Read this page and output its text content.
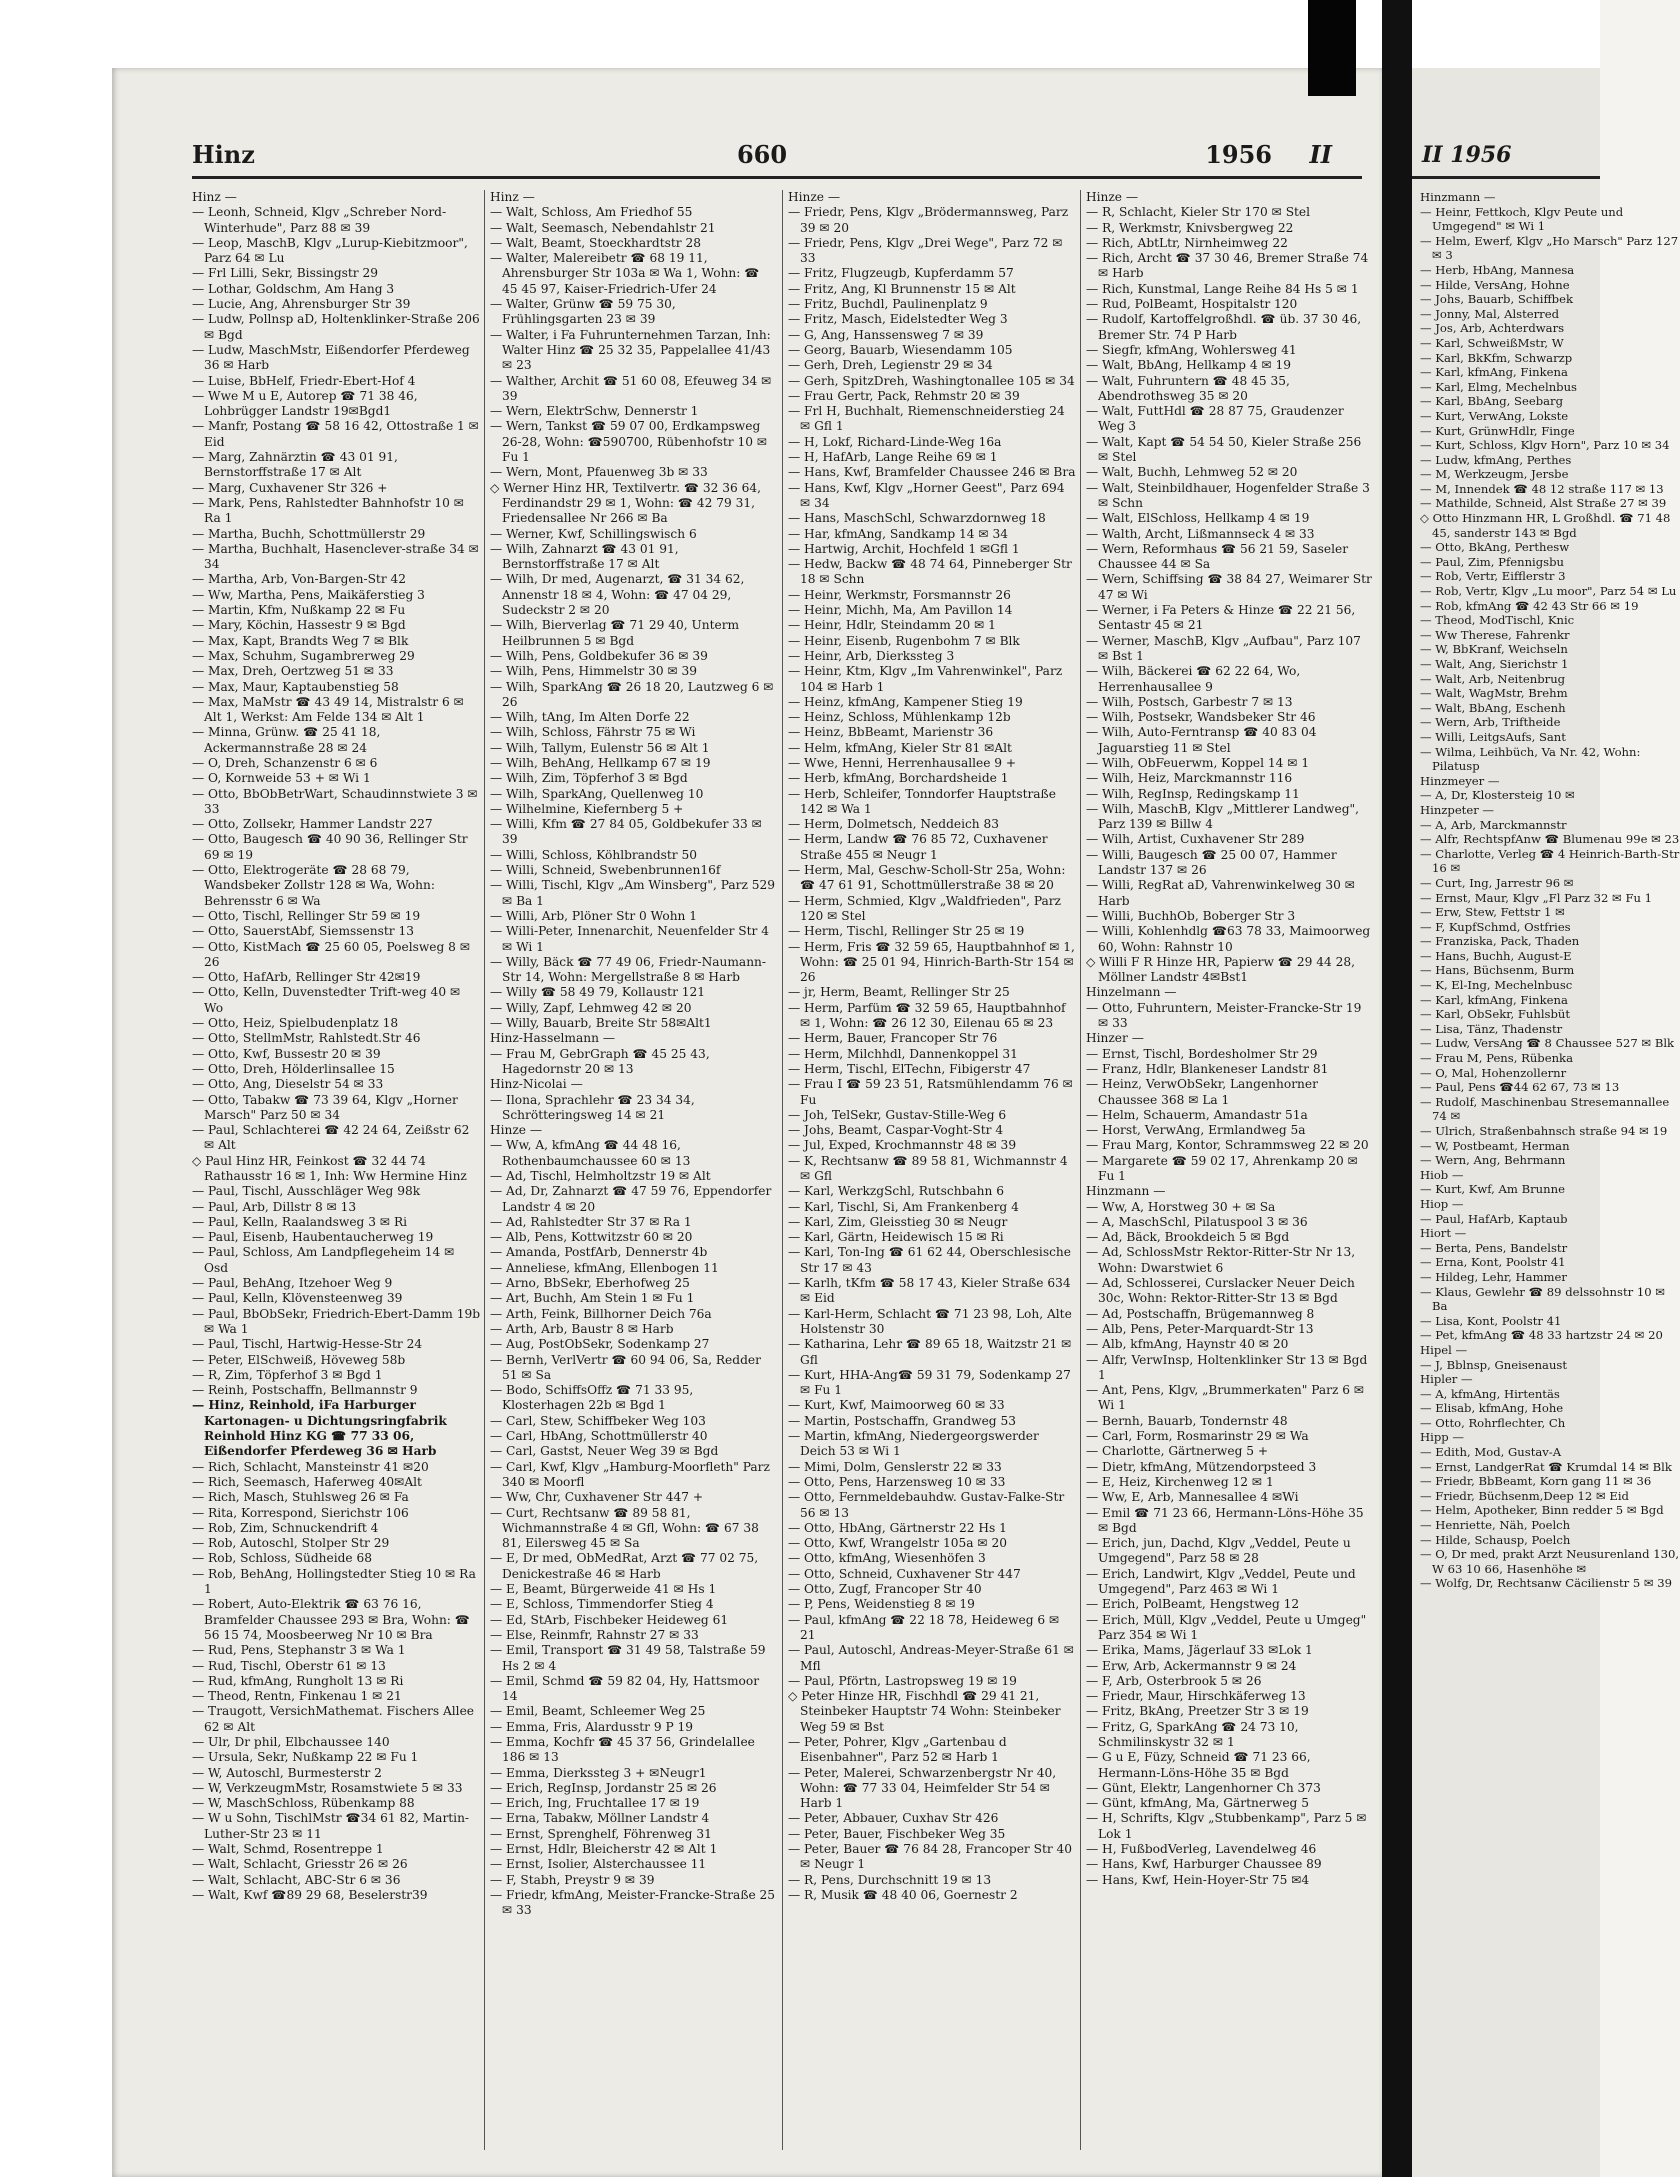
Hinz	660	1956 II
Hinz —
— Leonh, Schneid, Klgv „Schreber Nord-Winterhude", Parz 88 ✉ 39
— Leop, MaschB, Klgv „Lurup-Kiebitzmoor", Parz 64 ✉ Lu
— Frl Lilli, Sekr, Bissingstr 29
— Lothar, Goldschm, Am Hang 3
— Lucie, Ang, Ahrensburger Str 39
— Ludw, Pollnsp aD, Holtenklinker-Straße 206 ✉ Bgd
— Ludw, MaschMstr, Eißendorfer Pferdeweg 36 ✉ Harb
— Luise, BbHelf, Friedr-Ebert-Hof 4
— Wwe M u E, Autorep ☎ 71 38 46, Lohbrügger Landstr 19✉Bgd1
— Manfr, Postang ☎ 58 16 42, Ottostraße 1 ✉ Eid
— Marg, Zahnärztin ☎ 43 01 91, Bernstorffstraße 17 ✉ Alt
— Marg, Cuxhavener Str 326 +
— Mark, Pens, Rahlstedter Bahnhofstr 10 ✉ Ra 1
— Martha, Buchh, Schottmüllerstr 29
— Martha, Buchhalt, Hasenclever-straße 34 ✉ 34
— Martha, Arb, Von-Bargen-Str 42
— Ww, Martha, Pens, Maikäferstieg 3
— Martin, Kfm, Nußkamp 22 ✉ Fu
— Mary, Köchin, Hassestr 9 ✉ Bgd
— Max, Kapt, Brandts Weg 7 ✉ Blk
— Max, Schuhm, Sugambrerweg 29
— Max, Dreh, Oertzweg 51 ✉ 33
— Max, Maur, Kaptaubenstieg 58
— Max, MaMstr ☎ 43 49 14, Mistralstr 6 ✉ Alt 1, Werkst: Am Felde 134 ✉ Alt 1
— Minna, Grünw. ☎ 25 41 18, Ackermannstraße 28 ✉ 24
— O, Dreh, Schanzenstr 6 ✉ 6
— O, Kornweide 53 + ✉ Wi 1
— Otto, BbObBetrWart, Schaudinnstwiete 3 ✉ 33
— Otto, Zollsekr, Hammer Landstr 227
— Otto, Baugesch ☎ 40 90 36, Rellinger Str 69 ✉ 19
— Otto, Elektrogeräte ☎ 28 68 79, Wandsbeker Zollstr 128 ✉ Wa, Wohn: Behrensstr 6 ✉ Wa
— Otto, Tischl, Rellinger Str 59 ✉ 19
— Otto, SauerstAbf, Siemssenstr 13
— Otto, KistMach ☎ 25 60 05, Poelsweg 8 ✉ 26
— Otto, HafArb, Rellinger Str 42✉19
— Otto, Kelln, Duvenstedter Trift-weg 40 ✉ Wo
— Otto, Heiz, Spielbudenplatz 18
— Otto, StellmMstr, Rahlstedt.Str 46
— Otto, Kwf, Bussestr 20 ✉ 39
— Otto, Dreh, Hölderlinsallee 15
— Otto, Ang, Dieselstr 54 ✉ 33
— Otto, Tabakw ☎ 73 39 64, Klgv „Horner Marsch" Parz 50 ✉ 34
— Paul, Schlachterei ☎ 42 24 64, Zeißstr 62 ✉ Alt
◇ Paul Hinz HR, Feinkost ☎ 32 44 74 Rathausstr 16 ✉ 1, Inh: Ww Hermine Hinz
— Paul, Tischl, Ausschläger Weg 98k
— Paul, Arb, Dillstr 8 ✉ 13
— Paul, Kelln, Raalandsweg 3 ✉ Ri
— Paul, Eisenb, Haubentaucherweg 19
— Paul, Schloss, Am Landpflegeheim 14 ✉ Osd
— Paul, BehAng, Itzehoer Weg 9
— Paul, Kelln, Klövensteenweg 39
— Paul, BbObSekr, Friedrich-Ebert-Damm 19b ✉ Wa 1
— Paul, Tischl, Hartwig-Hesse-Str 24
— Peter, ElSchweiß, Höveweg 58b
— R, Zim, Töpferhof 3 ✉ Bgd 1
— Reinh, Postschaffn, Bellmannstr 9
— Hinz, Reinhold, iFa Harburger Kartonagen- u Dichtungsringfabrik Reinhold Hinz KG ☎ 77 33 06, Eißendorfer Pferdeweg 36 ✉ Harb
— Rich, Schlacht, Mansteinstr 41 ✉20
— Rich, Seemasch, Haferweg 40✉Alt
— Rich, Masch, Stuhlsweg 26 ✉ Fa
— Rita, Korrespond, Sierichstr 106
— Rob, Zim, Schnuckendrift 4
— Rob, Autoschl, Stolper Str 29
— Rob, Schloss, Südheide 68
— Rob, BehAng, Hollingstedter Stieg 10 ✉ Ra 1
— Robert, Auto-Elektrik ☎ 63 76 16, Bramfelder Chaussee 293 ✉ Bra, Wohn: ☎ 56 15 74, Moosbeerweg Nr 10 ✉ Bra
— Rud, Pens, Stephanstr 3 ✉ Wa 1
— Rud, Tischl, Oberstr 61 ✉ 13
— Rud, kfmAng, Rungholt 13 ✉ Ri
— Theod, Rentn, Finkenau 1 ✉ 21
— Traugott, VersichMathemat. Fischers Allee 62 ✉ Alt
— Ulr, Dr phil, Elbchaussee 140
— Ursula, Sekr, Nußkamp 22 ✉ Fu 1
— W, Autoschl, Burmesterstr 2
— W, VerkzeugmMstr, Rosamstwiete 5 ✉ 33
— W, MaschSchloss, Rübenkamp 88
— W u Sohn, TischlMstr ☎34 61 82, Martin-Luther-Str 23 ✉ 11
— Walt, Schmd, Rosentreppe 1
— Walt, Schlacht, Griesstr 26 ✉ 26
— Walt, Schlacht, ABC-Str 6 ✉ 36
— Walt, Kwf ☎89 29 68, Beselerstr39
Hinz —
— Walt, Schloss, Am Friedhof 55
— Walt, Seemasch, Nebendahlstr 21
— Walt, Beamt, Stoeckhardtstr 28
— Walter, Malereibetr ☎ 68 19 11, Ahrensburger Str 103a ✉ Wa 1, Wohn: ☎ 45 45 97, Kaiser-Friedrich-Ufer 24
— Walter, Grünw ☎ 59 75 30, Frühlingsgarten 23 ✉ 39
— Walter, i Fa Fuhrunternehmen Tarzan, Inh: Walter Hinz ☎ 25 32 35, Pappelallee 41/43 ✉ 23
— Walther, Archit ☎ 51 60 08, Efeuweg 34 ✉ 39
— Wern, ElektrSchw, Dennerstr 1
— Wern, Tankst ☎ 59 07 00, Erdkampsweg 26-28, Wohn: ☎590700, Rübenhofstr 10 ✉ Fu 1
— Wern, Mont, Pfauenweg 3b ✉ 33
◇ Werner Hinz HR, Textilvertr. ☎ 32 36 64, Ferdinandstr 29 ✉ 1, Wohn: ☎ 42 79 31, Friedensallee Nr 266 ✉ Ba
— Werner, Kwf, Schillingswisch 6
— Wilh, Zahnarzt ☎ 43 01 91, Bernstorffstraße 17 ✉ Alt
— Wilh, Dr med, Augenarzt, ☎ 31 34 62, Annenstr 18 ✉ 4, Wohn: ☎ 47 04 29, Sudeckstr 2 ✉ 20
— Wilh, Bierverlag ☎ 71 29 40, Unterm Heilbrunnen 5 ✉ Bgd
— Wilh, Pens, Goldbekufer 36 ✉ 39
— Wilh, Pens, Himmelstr 30 ✉ 39
— Wilh, SparkAng ☎ 26 18 20, Lautzweg 6 ✉ 26
— Wilh, tAng, Im Alten Dorfe 22
— Wilh, Schloss, Fährstr 75 ✉ Wi
— Wilh, Tallym, Eulenstr 56 ✉ Alt 1
— Wilh, BehAng, Hellkamp 67 ✉ 19
— Wilh, Zim, Töpferhof 3 ✉ Bgd
— Wilh, SparkAng, Quellenweg 10
— Wilhelmine, Kiefernberg 5 +
— Willi, Kfm ☎ 27 84 05, Goldbekufer 33 ✉ 39
— Willi, Schloss, Köhlbrandstr 50
— Willi, Schneid, Swebenbrunnen16f
— Willi, Tischl, Klgv „Am Winsberg", Parz 529 ✉ Ba 1
— Willi, Arb, Plöner Str 0 Wohn 1
— Willi-Peter, Innenarchit, Neuenfelder Str 4 ✉ Wi 1
— Willy, Bäck ☎ 77 49 06, Friedr-Naumann-Str 14, Wohn: Mergellstraße 8 ✉ Harb
— Willy ☎ 58 49 79, Kollaustr 121
— Willy, Zapf, Lehmweg 42 ✉ 20
— Willy, Bauarb, Breite Str 58✉Alt1
Hinz-Hasselmann —
— Frau M, GebrGraph ☎ 45 25 43, Hagedornstr 20 ✉ 13
Hinz-Nicolai —
— Ilona, Sprachlehr ☎ 23 34 34, Schrötteringsweg 14 ✉ 21
Hinze —
— Ww, A, kfmAng ☎ 44 48 16, Rothenbaumchaussee 60 ✉ 13
— Ad, Tischl, Helmholtzstr 19 ✉ Alt
— Ad, Dr, Zahnarzt ☎ 47 59 76, Eppendorfer Landstr 4 ✉ 20
— Ad, Rahlstedter Str 37 ✉ Ra 1
— Alb, Pens, Kottwitzstr 60 ✉ 20
— Amanda, PostfArb, Dennerstr 4b
— Anneliese, kfmAng, Ellenbogen 11
— Arno, BbSekr, Eberhofweg 25
— Art, Buchh, Am Stein 1 ✉ Fu 1
— Arth, Feink, Billhorner Deich 76a
— Arth, Arb, Baustr 8 ✉ Harb
— Aug, PostObSekr, Sodenkamp 27
— Bernh, VerlVertr ☎ 60 94 06, Sa, Redder 51 ✉ Sa
— Bodo, SchiffsOffz ☎ 71 33 95, Klosterhagen 22b ✉ Bgd 1
— Carl, Stew, Schiffbeker Weg 103
— Carl, HbAng, Schottmüllerstr 40
— Carl, Gastst, Neuer Weg 39 ✉ Bgd
— Carl, Kwf, Klgv „Hamburg-Moorfleth" Parz 340 ✉ Moorfl
— Ww, Chr, Cuxhavener Str 447 +
— Curt, Rechtsanw ☎ 89 58 81, Wichmannstraße 4 ✉ Gfl, Wohn: ☎ 67 38 81, Eilersweg 45 ✉ Sa
— E, Dr med, ObMedRat, Arzt ☎ 77 02 75, Denickestraße 46 ✉ Harb
— E, Beamt, Bürgerweide 41 ✉ Hs 1
— E, Schloss, Timmendorfer Stieg 4
— Ed, StArb, Fischbeker Heideweg 61
— Else, Reinmfr, Rahnstr 27 ✉ 33
— Emil, Transport ☎ 31 49 58, Talstraße 59 Hs 2 ✉ 4
— Emil, Schmd ☎ 59 82 04, Hy, Hattsmoor 14
— Emil, Beamt, Schleemer Weg 25
— Emma, Fris, Alardusstr 9 P 19
— Emma, Kochfr ☎ 45 37 56, Grindelallee 186 ✉ 13
— Emma, Dierkssteg 3 + ✉Neugr1
— Erich, RegInsp, Jordanstr 25 ✉ 26
— Erich, Ing, Fruchtallee 17 ✉ 19
— Erna, Tabakw, Möllner Landstr 4
— Ernst, Sprenghelf, Föhrenweg 31
— Ernst, Hdlr, Bleicherstr 42 ✉ Alt 1
— Ernst, Isolier, Alsterchaussee 11
— F, Stabh, Preystr 9 ✉ 39
— Friedr, kfmAng, Meister-Francke-Straße 25 ✉ 33
Hinze —
— Friedr, Pens, Klgv „Brödermannsweg, Parz 39 ✉ 20
— Friedr, Pens, Klgv „Drei Wege", Parz 72 ✉ 33
— Fritz, Flugzeugb, Kupferdamm 57
— Fritz, Ang, Kl Brunnenstr 15 ✉ Alt
— Fritz, Buchdl, Paulinenplatz 9
— Fritz, Masch, Eidelstedter Weg 3
— G, Ang, Hanssensweg 7 ✉ 39
— Georg, Bauarb, Wiesendamm 105
— Gerh, Dreh, Legienstr 29 ✉ 34
— Gerh, SpitzDreh, Washingtonallee 105 ✉ 34
— Frau Gertr, Pack, Rehmstr 20 ✉ 39
— Frl H, Buchhalt, Riemenschneiderstieg 24 ✉ Gfl 1
— H, Lokf, Richard-Linde-Weg 16a
— H, HafArb, Lange Reihe 69 ✉ 1
— Hans, Kwf, Bramfelder Chaussee 246 ✉ Bra
— Hans, Kwf, Klgv „Horner Geest", Parz 694 ✉ 34
— Hans, MaschSchl, Schwarzdornweg 18
— Har, kfmAng, Sandkamp 14 ✉ 34
— Hartwig, Archit, Hochfeld 1 ✉Gfl 1
— Hedw, Backw ☎ 48 74 64, Pinneberger Str 18 ✉ Schn
— Heinr, Werkmstr, Forsmannstr 26
— Heinr, Michh, Ma, Am Pavillon 14
— Heinr, Hdlr, Steindamm 20 ✉ 1
— Heinr, Eisenb, Rugenbohm 7 ✉ Blk
— Heinr, Arb, Dierkssteg 3
— Heinr, Ktm, Klgv „Im Vahrenwinkel", Parz 104 ✉ Harb 1
— Heinz, kfmAng, Kampener Stieg 19
— Heinz, Schloss, Mühlenkamp 12b
— Heinz, BbBeamt, Marienstr 36
— Helm, kfmAng, Kieler Str 81 ✉Alt
— Wwe, Henni, Herrenhausallee 9 +
— Herb, kfmAng, Borchardsheide 1
— Herb, Schleifer, Tonndorfer Hauptstraße 142 ✉ Wa 1
— Herm, Dolmetsch, Neddeich 83
— Herm, Landw ☎ 76 85 72, Cuxhavener Straße 455 ✉ Neugr 1
— Herm, Mal, Geschw-Scholl-Str 25a, Wohn: ☎ 47 61 91, Schottmüllerstraße 38 ✉ 20
— Herm, Schmied, Klgv „Waldfrieden", Parz 120 ✉ Stel
— Herm, Tischl, Rellinger Str 25 ✉ 19
— Herm, Fris ☎ 32 59 65, Hauptbahnhof ✉ 1, Wohn: ☎ 25 01 94, Hinrich-Barth-Str 154 ✉ 26
— jr, Herm, Beamt, Rellinger Str 25
— Herm, Parfüm ☎ 32 59 65, Hauptbahnhof ✉ 1, Wohn: ☎ 26 12 30, Eilenau 65 ✉ 23
— Herm, Bauer, Francoper Str 76
— Herm, Milchhdl, Dannenkoppel 31
— Herm, Tischl, ElTechn, Fibigerstr 47
— Frau I ☎ 59 23 51, Ratsmühlendamm 76 ✉ Fu
— Joh, TelSekr, Gustav-Stille-Weg 6
— Johs, Beamt, Caspar-Voght-Str 4
— Jul, Exped, Krochmannstr 48 ✉ 39
— K, Rechtsanw ☎ 89 58 81, Wichmannstr 4 ✉ Gfl
— Karl, WerkzgSchl, Rutschbahn 6
— Karl, Tischl, Si, Am Frankenberg 4
— Karl, Zim, Gleisstieg 30 ✉ Neugr
— Karl, Gärtn, Heidewisch 15 ✉ Ri
— Karl, Ton-Ing ☎ 61 62 44, Oberschlesische Str 17 ✉ 43
— Karlh, tKfm ☎ 58 17 43, Kieler Straße 634 ✉ Eid
— Karl-Herm, Schlacht ☎ 71 23 98, Loh, Alte Holstenstr 30
— Katharina, Lehr ☎ 89 65 18, Waitzstr 21 ✉ Gfl
— Kurt, HHA-Ang☎ 59 31 79, Sodenkamp 27 ✉ Fu 1
— Kurt, Kwf, Maimoorweg 60 ✉ 33
— Martin, Postschaffn, Grandweg 53
— Martin, kfmAng, Niedergeorgswerder Deich 53 ✉ Wi 1
— Mimi, Dolm, Genslerstr 22 ✉ 33
— Otto, Pens, Harzensweg 10 ✉ 33
— Otto, Fernmeldebauhdw. Gustav-Falke-Str 56 ✉ 13
— Otto, HbAng, Gärtnerstr 22 Hs 1
— Otto, Kwf, Wrangelstr 105a ✉ 20
— Otto, kfmAng, Wiesenhöfen 3
— Otto, Schneid, Cuxhavener Str 447
— Otto, Zugf, Francoper Str 40
— P, Pens, Weidenstieg 8 ✉ 19
— Paul, kfmAng ☎ 22 18 78, Heideweg 6 ✉ 21
— Paul, Autoschl, Andreas-Meyer-Straße 61 ✉ Mfl
— Paul, Pförtn, Lastropsweg 19 ✉ 19
◇ Peter Hinze HR, Fischhdl ☎ 29 41 21, Steinbeker Hauptstr 74 Wohn: Steinbeker Weg 59 ✉ Bst
— Peter, Pohrer, Klgv „Gartenbau d Eisenbahner", Parz 52 ✉ Harb 1
— Peter, Malerei, Schwarzenbergstr Nr 40, Wohn: ☎ 77 33 04, Heimfelder Str 54 ✉ Harb 1
— Peter, Abbauer, Cuxhav Str 426
— Peter, Bauer, Fischbeker Weg 35
— Peter, Bauer ☎ 76 84 28, Francoper Str 40 ✉ Neugr 1
— R, Pens, Durchschnitt 19 ✉ 13
— R, Musik ☎ 48 40 06, Goernestr 2
Hinze —
— R, Schlacht, Kieler Str 170 ✉ Stel
— R, Werkmstr, Knivsbergweg 22
— Rich, AbtLtr, Nirnheimweg 22
— Rich, Archt ☎ 37 30 46, Bremer Straße 74 ✉ Harb
— Rich, Kunstmal, Lange Reihe 84 Hs 5 ✉ 1
— Rud, PolBeamt, Hospitalstr 120
— Rudolf, Kartoffelgroßhdl. ☎ üb. 37 30 46, Bremer Str. 74 P Harb
— Siegfr, kfmAng, Wohlersweg 41
— Walt, BbAng, Hellkamp 4 ✉ 19
— Walt, Fuhruntern ☎ 48 45 35, Abendrothsweg 35 ✉ 20
— Walt, FuttHdl ☎ 28 87 75, Graudenzer Weg 3
— Walt, Kapt ☎ 54 54 50, Kieler Straße 256 ✉ Stel
— Walt, Buchh, Lehmweg 52 ✉ 20
— Walt, Steinbildhauer, Hogenfelder Straße 3 ✉ Schn
— Walt, ElSchloss, Hellkamp 4 ✉ 19
— Walth, Archt, Lißmannseck 4 ✉ 33
— Wern, Reformhaus ☎ 56 21 59, Saseler Chaussee 44 ✉ Sa
— Wern, Schiffsing ☎ 38 84 27, Weimarer Str 47 ✉ Wi
— Werner, i Fa Peters & Hinze ☎ 22 21 56, Sentastr 45 ✉ 21
— Werner, MaschB, Klgv „Aufbau", Parz 107 ✉ Bst 1
— Wilh, Bäckerei ☎ 62 22 64, Wo, Herrenhausallee 9
— Wilh, Postsch, Garbestr 7 ✉ 13
— Wilh, Postsekr, Wandsbeker Str 46
— Wilh, Auto-Ferntransp ☎ 40 83 04 Jaguarstieg 11 ✉ Stel
— Wilh, ObFeuerwm, Koppel 14 ✉ 1
— Wilh, Heiz, Marckmannstr 116
— Wilh, RegInsp, Redingskamp 11
— Wilh, MaschB, Klgv „Mittlerer Landweg", Parz 139 ✉ Billw 4
— Wilh, Artist, Cuxhavener Str 289
— Willi, Baugesch ☎ 25 00 07, Hammer Landstr 137 ✉ 26
— Willi, RegRat aD, Vahrenwinkelweg 30 ✉ Harb
— Willi, BuchhOb, Boberger Str 3
— Willi, Kohlenhdlg ☎63 78 33, Maimoorweg 60, Wohn: Rahnstr 10
◇ Willi F R Hinze HR, Papierw ☎ 29 44 28, Möllner Landstr 4✉Bst1
Hinzelmann —
— Otto, Fuhruntern, Meister-Francke-Str 19 ✉ 33
Hinzer —
— Ernst, Tischl, Bordesholmer Str 29
— Franz, Hdlr, Blankeneser Landstr 81
— Heinz, VerwObSekr, Langenhorner Chaussee 368 ✉ La 1
— Helm, Schauerm, Amandastr 51a
— Horst, VerwAng, Ermlandweg 5a
— Frau Marg, Kontor, Schrammsweg 22 ✉ 20
— Margarete ☎ 59 02 17, Ahrenkamp 20 ✉ Fu 1
Hinzmann —
— Ww, A, Horstweg 30 + ✉ Sa
— A, MaschSchl, Pilatuspool 3 ✉ 36
— Ad, Bäck, Brookdeich 5 ✉ Bgd
— Ad, SchlossMstr Rektor-Ritter-Str Nr 13, Wohn: Dwarstwiet 6
— Ad, Schlosserei, Curslacker Neuer Deich 30c, Wohn: Rektor-Ritter-Str 13 ✉ Bgd
— Ad, Postschaffn, Brügemannweg 8
— Alb, Pens, Peter-Marquardt-Str 13
— Alb, kfmAng, Haynstr 40 ✉ 20
— Alfr, VerwInsp, Holtenklinker Str 13 ✉ Bgd 1
— Ant, Pens, Klgv, „Brummerkaten" Parz 6 ✉ Wi 1
— Bernh, Bauarb, Tondernstr 48
— Carl, Form, Rosmarinstr 29 ✉ Wa
— Charlotte, Gärtnerweg 5 +
— Dietr, kfmAng, Mützendorpsteed 3
— E, Heiz, Kirchenweg 12 ✉ 1
— Ww, E, Arb, Mannesallee 4 ✉Wi
— Emil ☎ 71 23 66, Hermann-Löns-Höhe 35 ✉ Bgd
— Erich, jun, Dachd, Klgv „Veddel, Peute u Umgegend", Parz 58 ✉ 28
— Erich, Landwirt, Klgv „Veddel, Peute und Umgegend", Parz 463 ✉ Wi 1
— Erich, PolBeamt, Hengstweg 12
— Erich, Müll, Klgv „Veddel, Peute u Umgeg" Parz 354 ✉ Wi 1
— Erika, Mams, Jägerlauf 33 ✉Lok 1
— Erw, Arb, Ackermannstr 9 ✉ 24
— F, Arb, Osterbrook 5 ✉ 26
— Friedr, Maur, Hirschkäferweg 13
— Fritz, BkAng, Preetzer Str 3 ✉ 19
— Fritz, G, SparkAng ☎ 24 73 10, Schmilinskystr 32 ✉ 1
— G u E, Füzy, Schneid ☎ 71 23 66, Hermann-Löns-Höhe 35 ✉ Bgd
— Günt, Elektr, Langenhorner Ch 373
— Günt, kfmAng, Ma, Gärtnerweg 5
— H, Schrifts, Klgv „Stubbenkamp", Parz 5 ✉ Lok 1
— H, FußbodVerleg, Lavendelweg 46
— Hans, Kwf, Harburger Chaussee 89
— Hans, Kwf, Hein-Hoyer-Str 75 ✉4
II 1956
Hinzmann —
— Heinr, Fettkoch, Klgv Peute und Umgegend" ✉ Wi 1
— Helm, Ewerf, Klgv „Ho Marsch" Parz 127 ✉ 3
— Herb, HbAng, Mannesa
— Hilde, VersAng, Hohne
— Johs, Bauarb, Schiffbek
— Jonny, Mal, Alsterred
— Jos, Arb, Achterdwars
— Karl, SchweißMstr, W
— Karl, BkKfm, Schwarzp
— Karl, kfmAng, Finkena
— Karl, Elmg, Mechelnbus
— Karl, BbAng, Seebarg
— Kurt, VerwAng, Lokste
— Kurt, GrünwHdlr, Finge
— Kurt, Schloss, Klgv Horn", Parz 10 ✉ 34
— Ludw, kfmAng, Perthes
— M, Werkzeugm, Jersbe
— M, Innendek ☎ 48 12 straße 117 ✉ 13
— Mathilde, Schneid, Alst Straße 27 ✉ 39
◇ Otto Hinzmann HR, L Großhdl. ☎ 71 48 45, sanderstr 143 ✉ Bgd
— Otto, BkAng, Perthesw
— Paul, Zim, Pfennigsbu
— Rob, Vertr, Eifflerstr 3
— Rob, Vertr, Klgv „Lu moor", Parz 54 ✉ Lu
— Rob, kfmAng ☎ 42 43 Str 66 ✉ 19
— Theod, ModTischl, Knic
— Ww Therese, Fahrenkr
— W, BbKranf, Weichseln
— Walt, Ang, Sierichstr 1
— Walt, Arb, Neitenbrug
— Walt, WagMstr, Brehm
— Walt, BbAng, Eschenh
— Wern, Arb, Triftheide
— Willi, LeitgsAufs, Sant
— Wilma, Leihbüch, Va Nr. 42, Wohn: Pilatusp
Hinzmeyer —
— A, Dr, Klostersteig 10 ✉
Hinzpeter —
— A, Arb, Marckmannstr
— Alfr, RechtspfAnw ☎ Blumenau 99e ✉ 23
— Charlotte, Verleg ☎ 4 Heinrich-Barth-Str 16 ✉
— Curt, Ing, Jarrestr 96 ✉
— Ernst, Maur, Klgv „Fl Parz 32 ✉ Fu 1
— Erw, Stew, Fettstr 1 ✉
— F, KupfSchmd, Ostfries
— Franziska, Pack, Thaden
— Hans, Buchh, August-E
— Hans, Büchsenm, Burm
— K, El-Ing, Mechelnbusc
— Karl, kfmAng, Finkena
— Karl, ObSekr, Fuhlsbüt
— Lisa, Tänz, Thadenstr
— Ludw, VersAng ☎ 8 Chaussee 527 ✉ Blk
— Frau M, Pens, Rübenka
— O, Mal, Hohenzollernr
— Paul, Pens ☎44 62 67, 73 ✉ 13
— Rudolf, Maschinenbau Stresemannallee 74 ✉
— Ulrich, Straßenbahnsch straße 94 ✉ 19
— W, Postbeamt, Herman
— Wern, Ang, Behrmann
Hiob —
— Kurt, Kwf, Am Brunne
Hiop —
— Paul, HafArb, Kaptaub
Hiort —
— Berta, Pens, Bandelstr
— Erna, Kont, Poolstr 41
— Hildeg, Lehr, Hammer
— Klaus, Gewlehr ☎ 89 delssohnstr 10 ✉ Ba
— Lisa, Kont, Poolstr 41
— Pet, kfmAng ☎ 48 33 hartzstr 24 ✉ 20
Hipel —
— J, Bblnsp, Gneisenaust
Hipler —
— A, kfmAng, Hirtentäs
— Elisab, kfmAng, Hohe
— Otto, Rohrflechter, Ch
Hipp —
— Edith, Mod, Gustav-A
— Ernst, LandgerRat ☎ Krumdal 14 ✉ Blk
— Friedr, BbBeamt, Korn gang 11 ✉ 36
— Friedr, Büchsenm,Deep 12 ✉ Eid
— Helm, Apotheker, Binn redder 5 ✉ Bgd
— Henriette, Näh, Poelch
— Hilde, Schausp, Poelch
— O, Dr med, prakt Arzt Neusurenland 130, W 63 10 66, Hasenhöhe ✉
— Wolfg, Dr, Rechtsanw Cäcilienstr 5 ✉ 39
